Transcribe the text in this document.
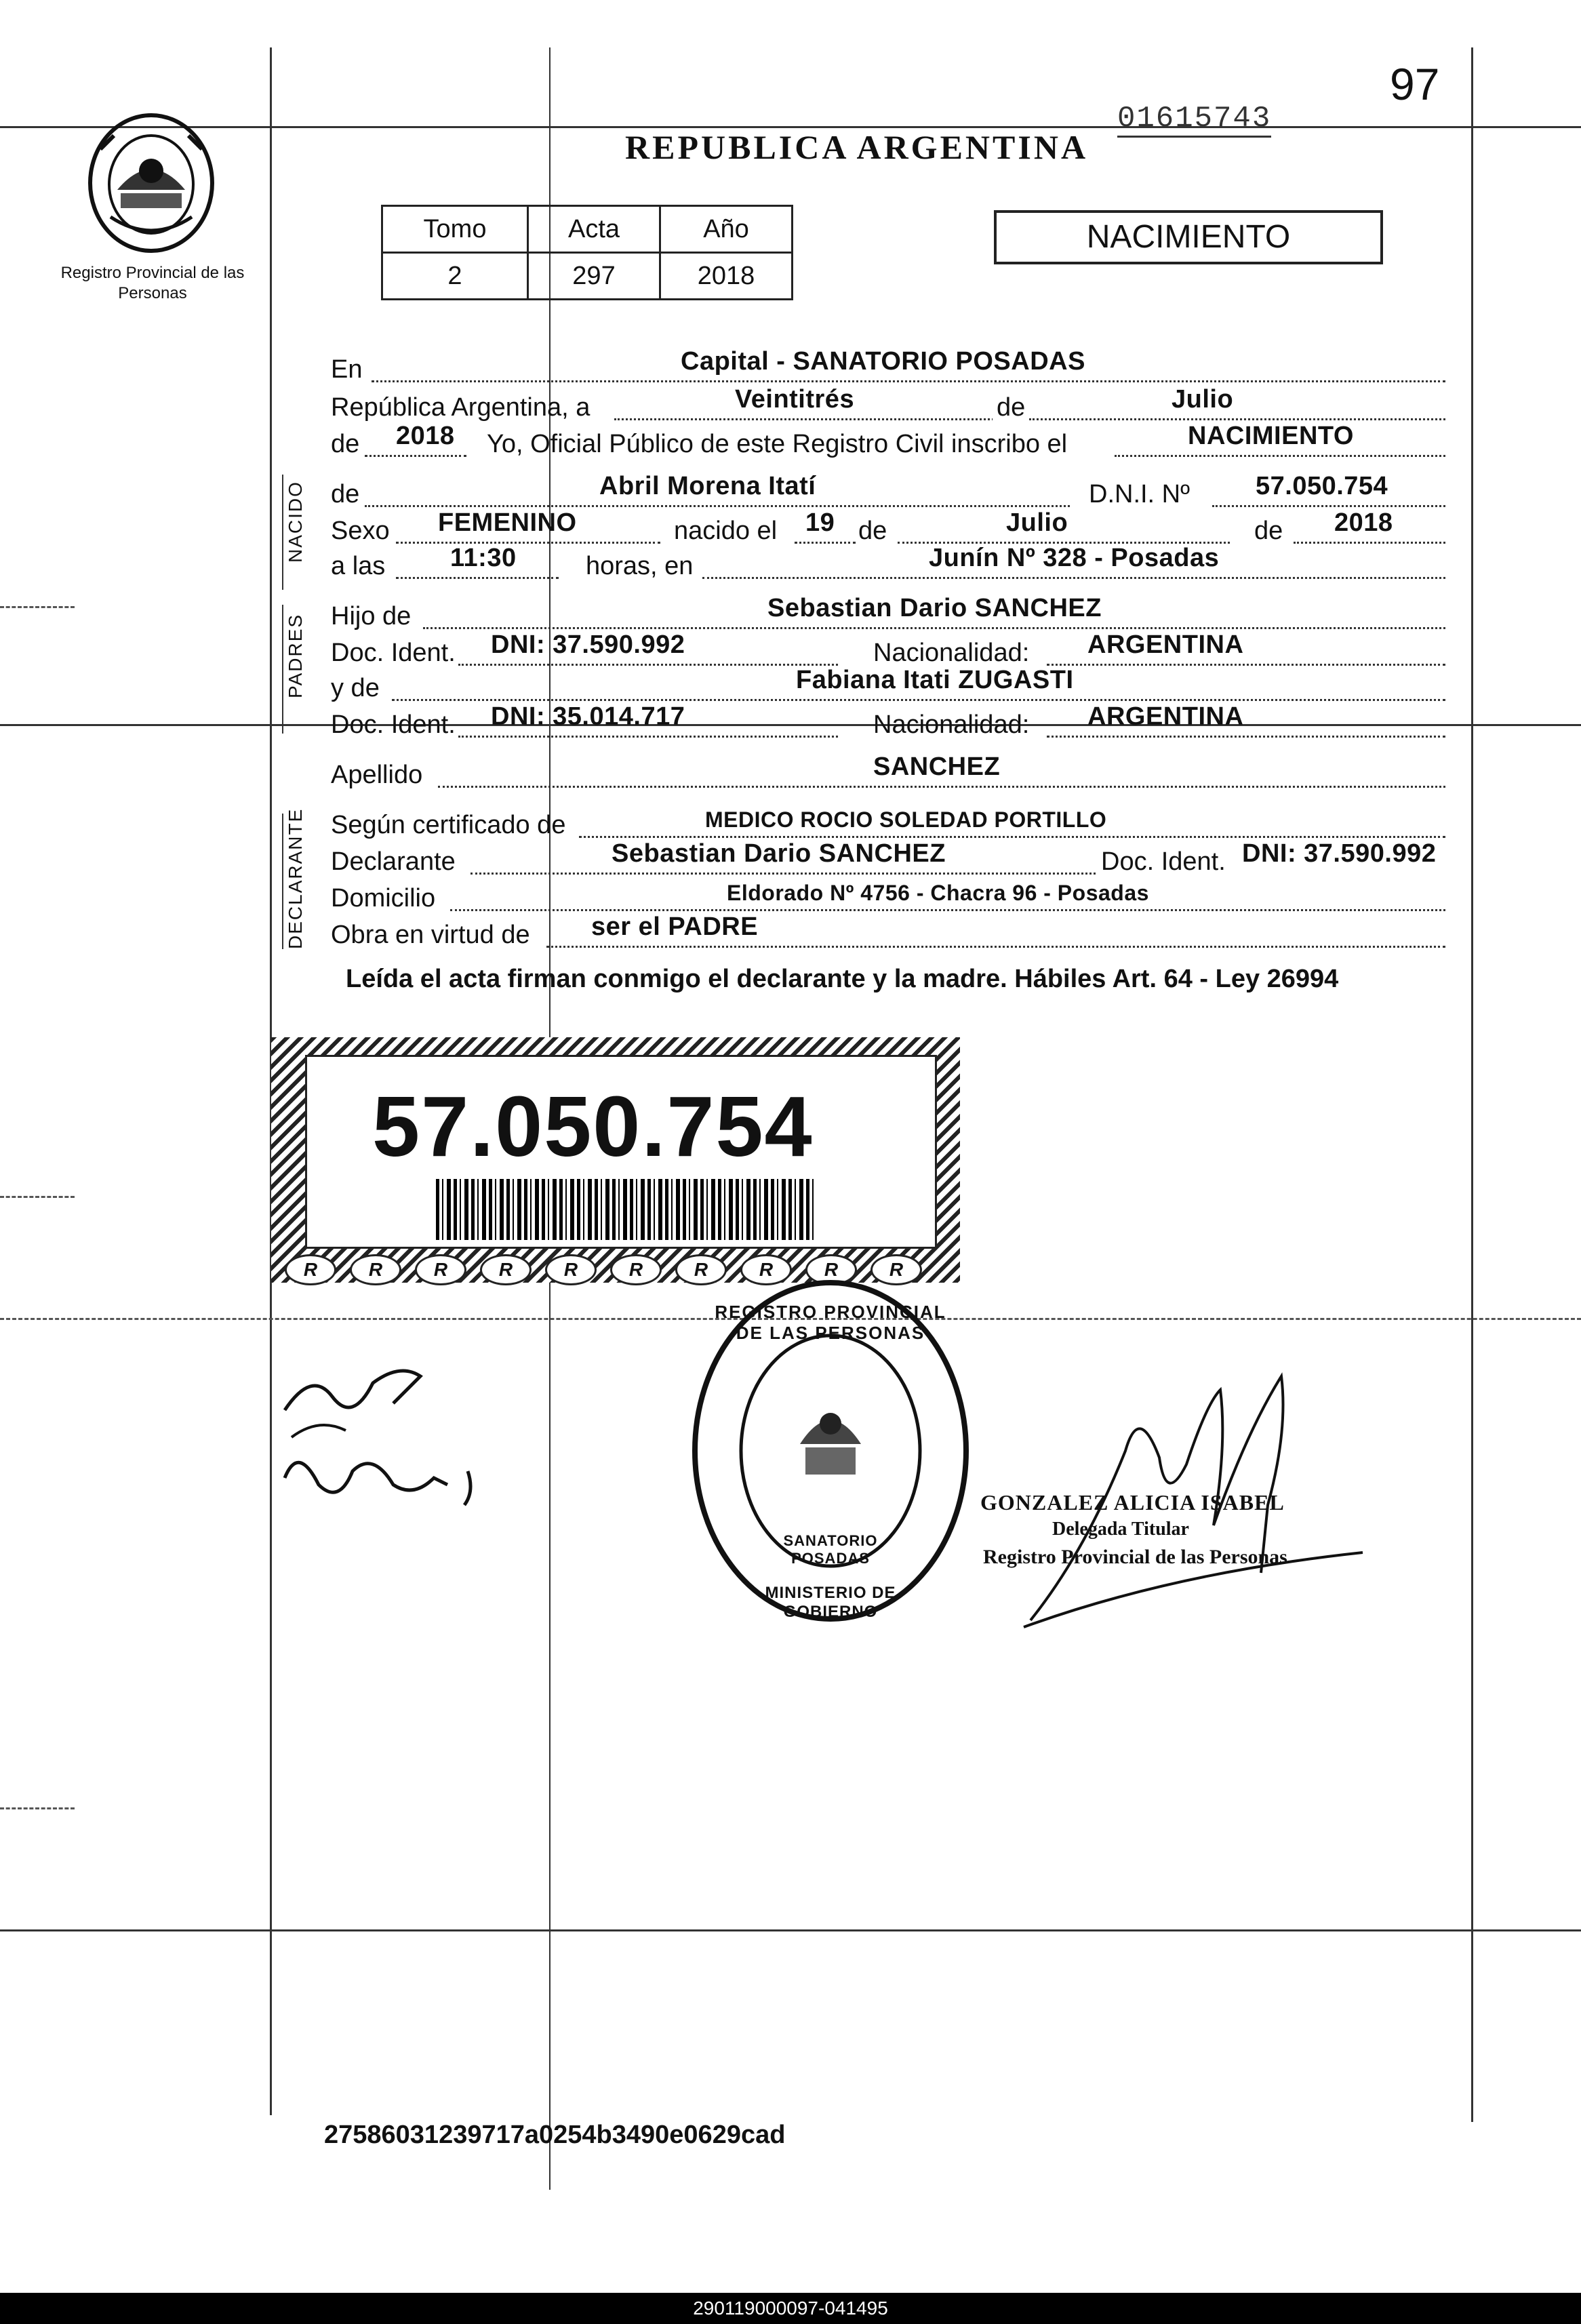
Registro Provincial de las Personas
97
01615743
REPUBLICA ARGENTINA
Tomo	Acta	Año
2	297	2018
NACIMIENTO
NACIDO
PADRES
DECLARANTE
En	Capital - SANATORIO POSADAS
República Argentina, a	Veintitrés	de	Julio
de 2018 Yo, Oficial Público de este Registro Civil inscribo el	NACIMIENTO
de	Abril Morena Itatí	D.N.I. Nº	57.050.754
Sexo FEMENINO	nacido el 19 de	Julio	de 2018
a las	11:30	horas, en	Junín Nº 328 - Posadas
Hijo de	Sebastian Dario SANCHEZ
Doc. Ident. DNI: 37.590.992	Nacionalidad: ARGENTINA
y de	Fabiana Itati ZUGASTI
Doc. Ident. DNI: 35.014.717	Nacionalidad: ARGENTINA
Apellido	SANCHEZ
Según certificado de	MEDICO ROCIO SOLEDAD PORTILLO
Declarante	Sebastian Dario SANCHEZ	Doc. Ident. DNI: 37.590.992
Domicilio	Eldorado Nº 4756 - Chacra 96 - Posadas
Obra en virtud de ser el PADRE
Leída el acta firman conmigo el declarante y la madre. Hábiles Art. 64 - Ley 26994
57.050.754
R	R	R	R	R	R	R	R	R	R
REGISTRO PROVINCIAL DE LAS PERSONAS
SANATORIO POSADAS
MINISTERIO DE GOBIERNO
GONZALEZ ALICIA ISABEL
Delegada Titular
Registro Provincial de las Personas
27586031239717a0254b3490e0629cad
290119000097-041495
